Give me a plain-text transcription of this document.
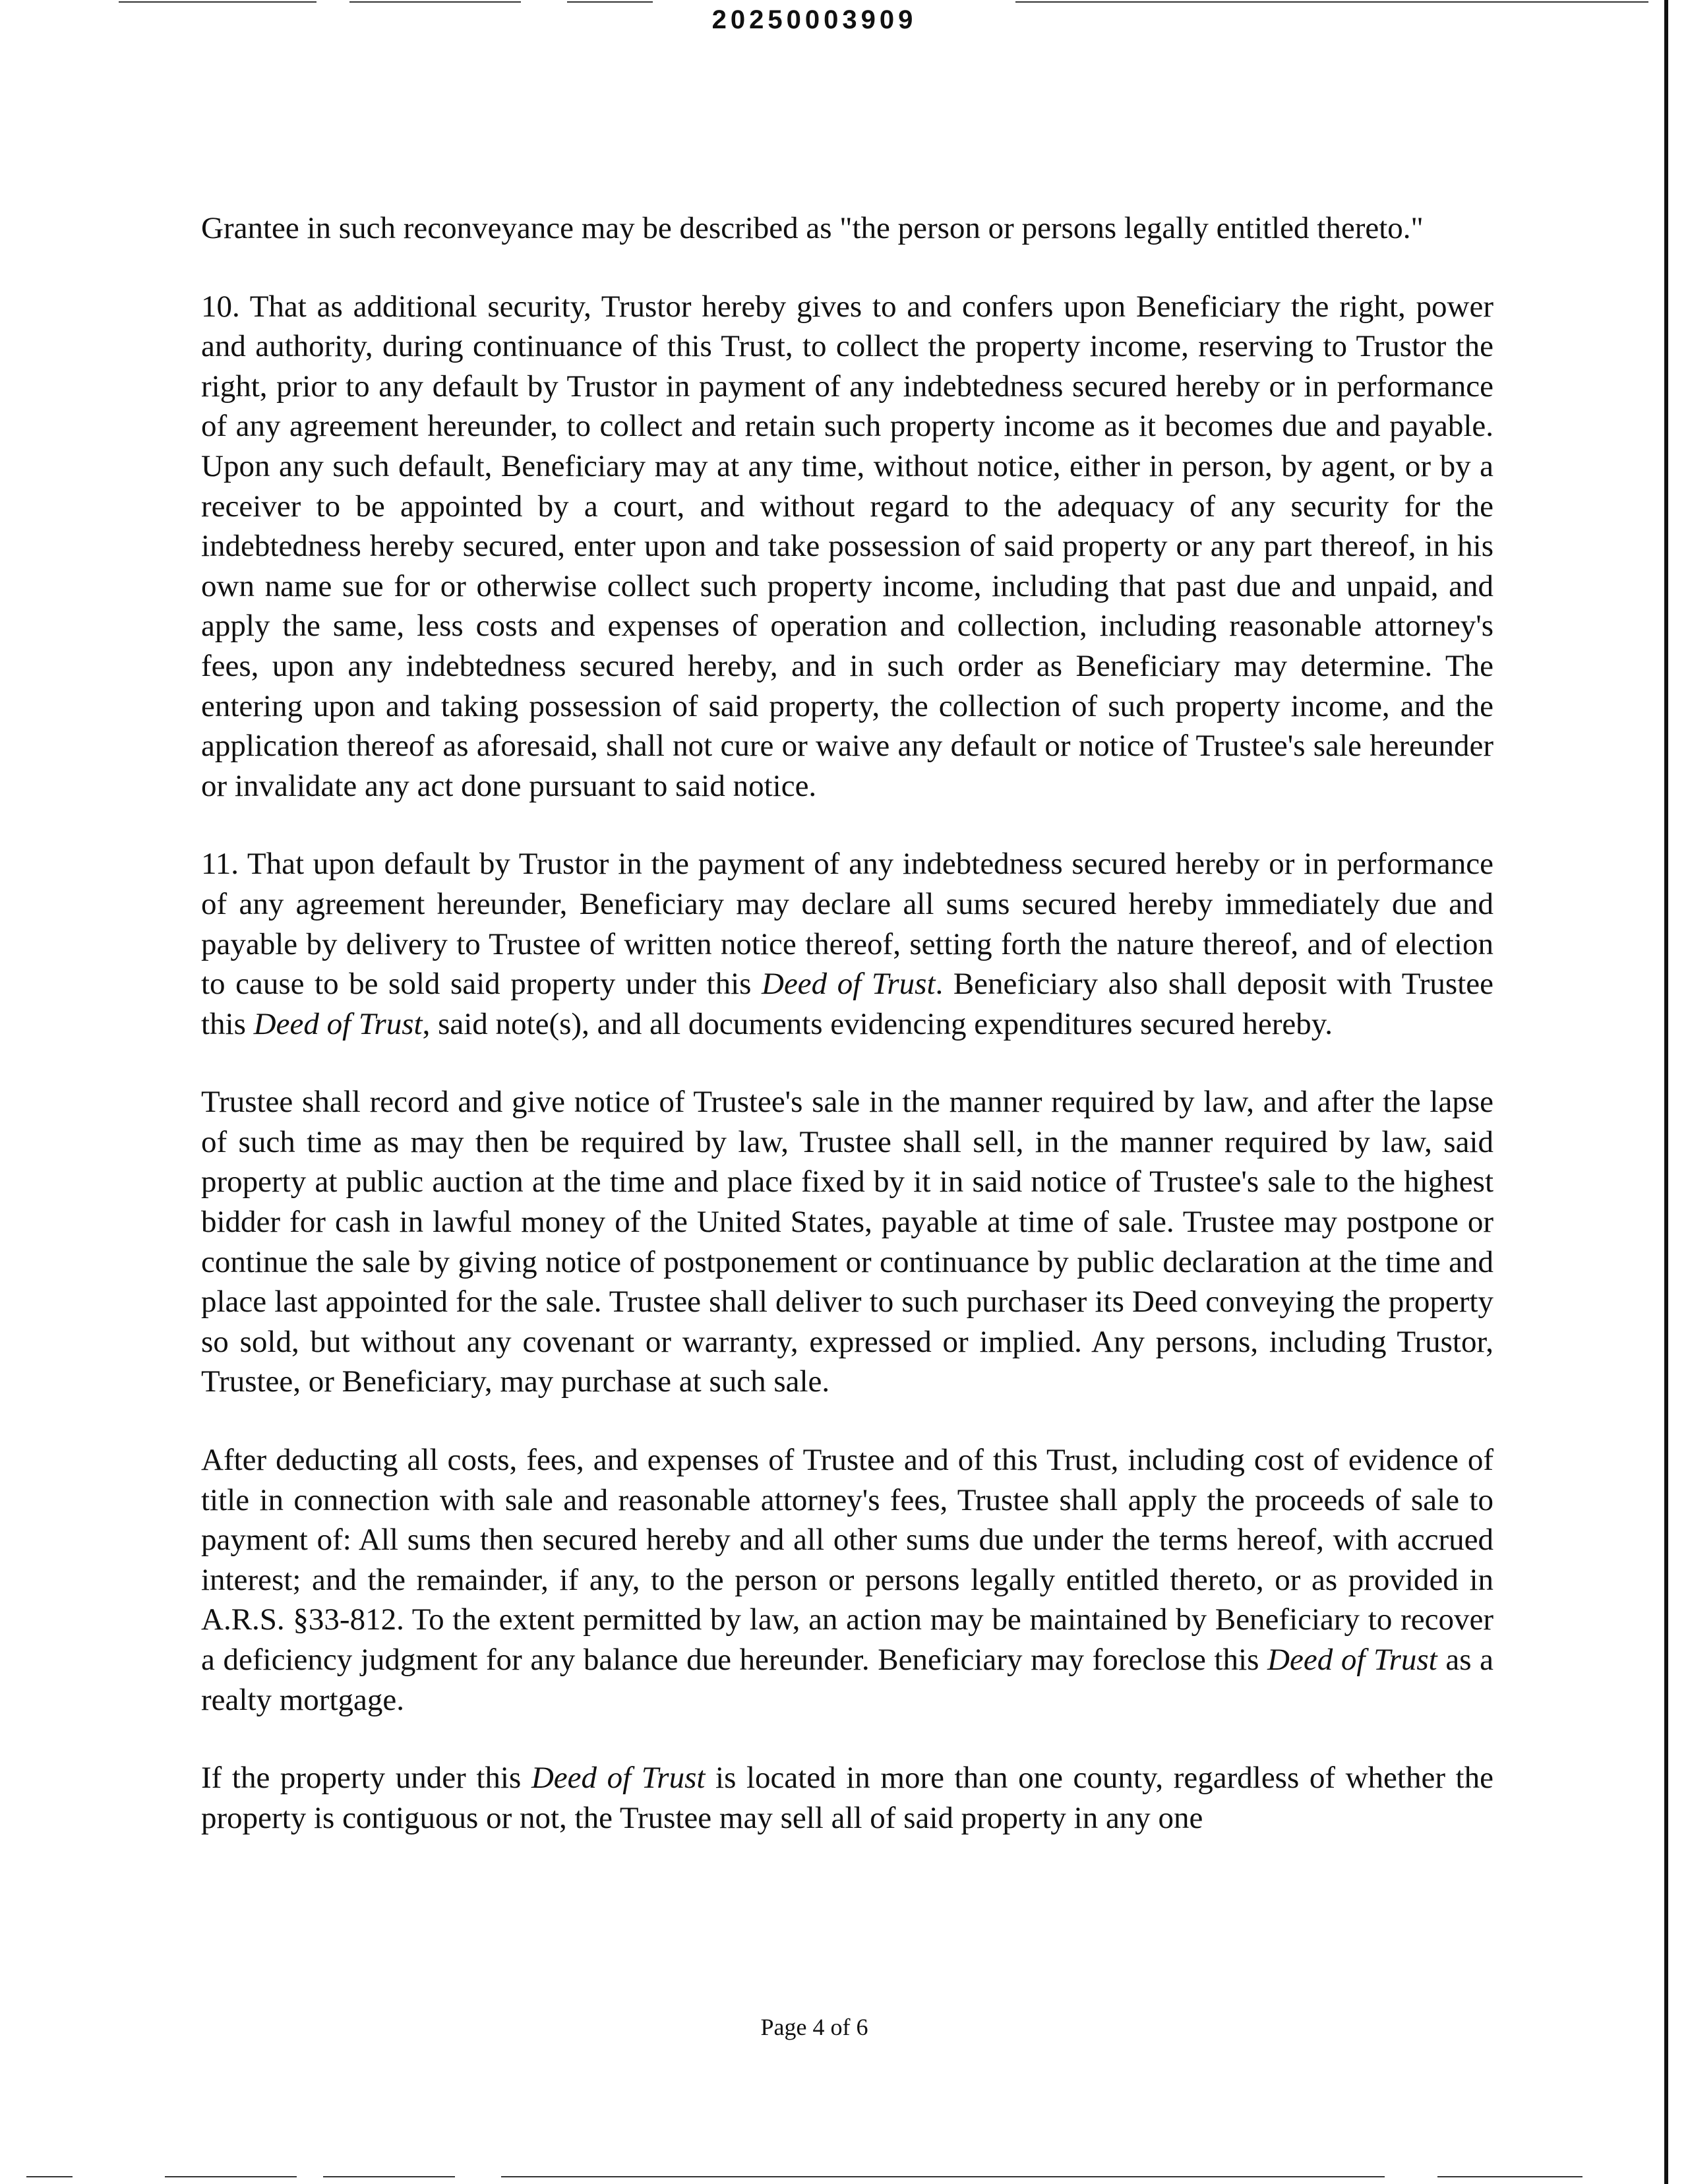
20250003909

Grantee in such reconveyance may be described as "the person or persons legally entitled thereto."

10. That as additional security, Trustor hereby gives to and confers upon Beneficiary the right, power and authority, during continuance of this Trust, to collect the property income, reserving to Trustor the right, prior to any default by Trustor in payment of any indebtedness secured hereby or in performance of any agreement hereunder, to collect and retain such property income as it becomes due and payable. Upon any such default, Beneficiary may at any time, without notice, either in person, by agent, or by a receiver to be appointed by a court, and without regard to the adequacy of any security for the indebtedness hereby secured, enter upon and take possession of said property or any part thereof, in his own name sue for or otherwise collect such property income, including that past due and unpaid, and apply the same, less costs and expenses of operation and collection, including reasonable attorney's fees, upon any indebtedness secured hereby, and in such order as Beneficiary may determine. The entering upon and taking possession of said property, the collection of such property income, and the application thereof as aforesaid, shall not cure or waive any default or notice of Trustee's sale hereunder or invalidate any act done pursuant to said notice.

11. That upon default by Trustor in the payment of any indebtedness secured hereby or in performance of any agreement hereunder, Beneficiary may declare all sums secured hereby immediately due and payable by delivery to Trustee of written notice thereof, setting forth the nature thereof, and of election to cause to be sold said property under this Deed of Trust. Beneficiary also shall deposit with Trustee this Deed of Trust, said note(s), and all documents evidencing expenditures secured hereby.

Trustee shall record and give notice of Trustee's sale in the manner required by law, and after the lapse of such time as may then be required by law, Trustee shall sell, in the manner required by law, said property at public auction at the time and place fixed by it in said notice of Trustee's sale to the highest bidder for cash in lawful money of the United States, payable at time of sale. Trustee may postpone or continue the sale by giving notice of postponement or continuance by public declaration at the time and place last appointed for the sale. Trustee shall deliver to such purchaser its Deed conveying the property so sold, but without any covenant or warranty, expressed or implied. Any persons, including Trustor, Trustee, or Beneficiary, may purchase at such sale.

After deducting all costs, fees, and expenses of Trustee and of this Trust, including cost of evidence of title in connection with sale and reasonable attorney's fees, Trustee shall apply the proceeds of sale to payment of: All sums then secured hereby and all other sums due under the terms hereof, with accrued interest; and the remainder, if any, to the person or persons legally entitled thereto, or as provided in A.R.S. §33-812. To the extent permitted by law, an action may be maintained by Beneficiary to recover a deficiency judgment for any balance due hereunder. Beneficiary may foreclose this Deed of Trust as a realty mortgage.

If the property under this Deed of Trust is located in more than one county, regardless of whether the property is contiguous or not, the Trustee may sell all of said property in any one

Page 4 of 6
